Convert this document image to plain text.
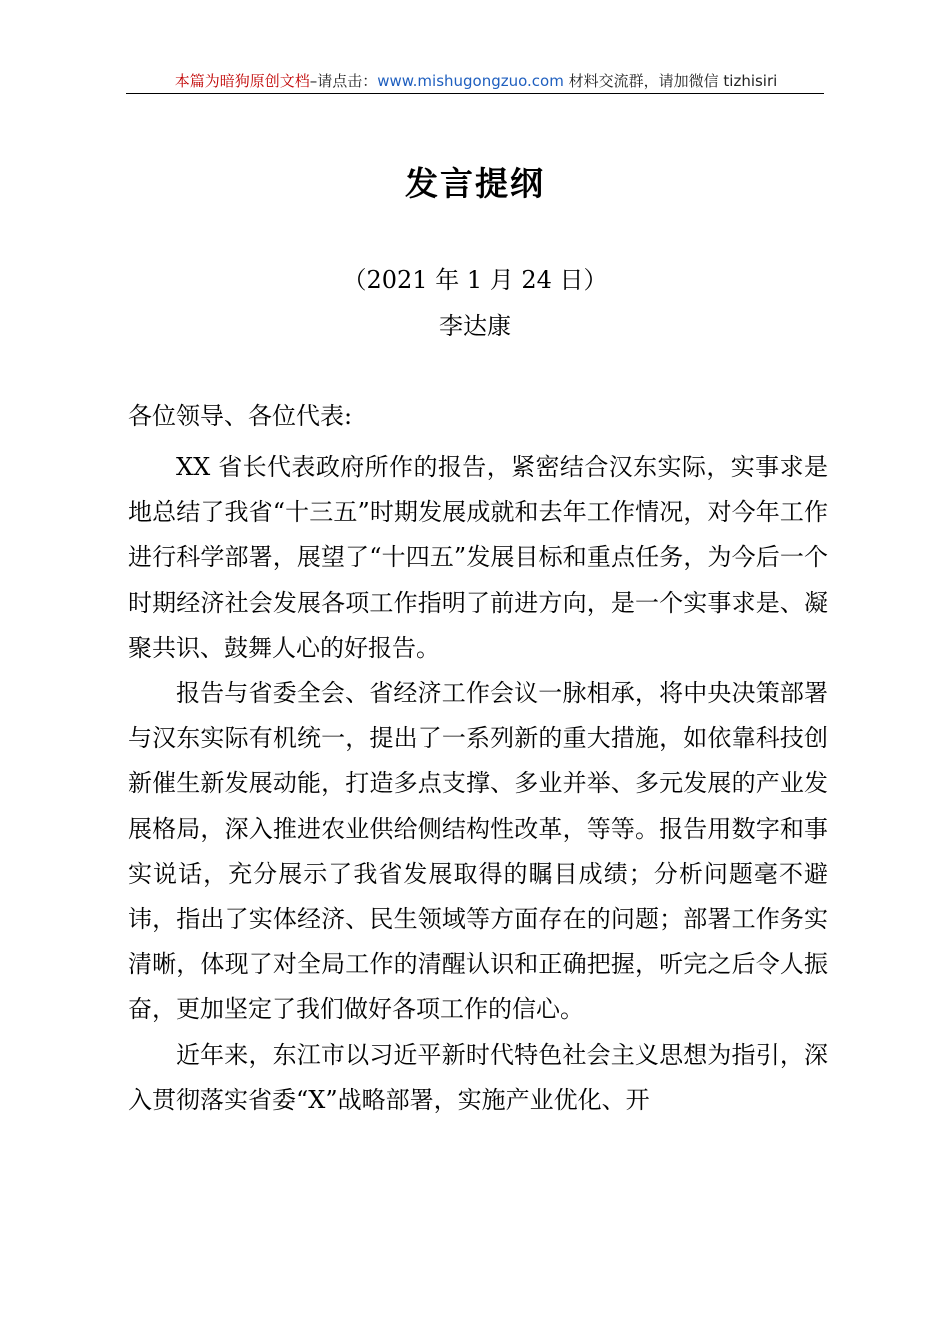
本篇为暗狗原创文档–请点击：www.mishugongzuo.com 材料交流群，请加微信 tizhisiri
发言提纲
（2021 年 1 月 24 日）
李达康
各位领导、各位代表:

XX 省长代表政府所作的报告，紧密结合汉东实际，实事求是地总结了我省“十三五”时期发展成就和去年工作情况，对今年工作进行科学部署，展望了“十四五”发展目标和重点任务，为今后一个时期经济社会发展各项工作指明了前进方向，是一个实事求是、凝聚共识、鼓舞人心的好报告。

报告与省委全会、省经济工作会议一脉相承，将中央决策部署与汉东实际有机统一，提出了一系列新的重大措施，如依靠科技创新催生新发展动能，打造多点支撑、多业并举、多元发展的产业发展格局，深入推进农业供给侧结构性改革，等等。报告用数字和事实说话，充分展示了我省发展取得的瞩目成绩；分析问题毫不避讳，指出了实体经济、民生领域等方面存在的问题；部署工作务实清晰，体现了对全局工作的清醒认识和正确把握，听完之后令人振奋，更加坚定了我们做好各项工作的信心。

近年来，东江市以习近平新时代特色社会主义思想为指引，深入贯彻落实省委“X”战略部署，实施产业优化、开
